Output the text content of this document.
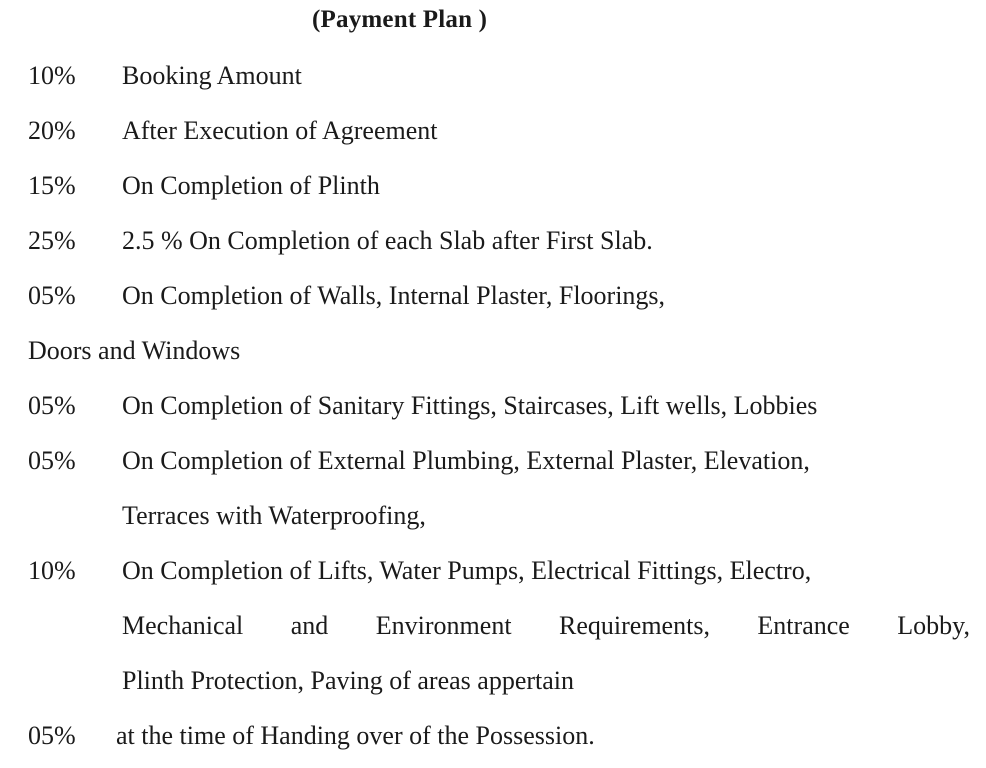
(Payment Plan )
10% Booking Amount
20% After Execution of Agreement
15% On Completion of Plinth
25% 2.5 % On Completion of each Slab after First Slab.
05% On Completion of Walls, Internal Plaster, Floorings,
Doors and Windows
05% On Completion of Sanitary Fittings, Staircases, Lift wells, Lobbies
05% On Completion of External Plumbing, External Plaster, Elevation,
Terraces with Waterproofing,
10% On Completion of Lifts, Water Pumps, Electrical Fittings, Electro,
Mechanical and Environment Requirements, Entrance Lobby,
Plinth Protection, Paving of areas appertain
05% at the time of Handing over of the Possession.
